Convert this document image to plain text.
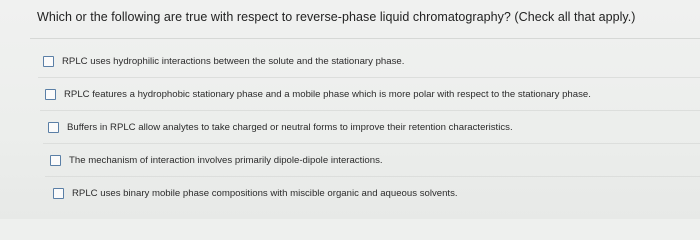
Which or the following are true with respect to reverse-phase liquid chromatography? (Check all that apply.)
RPLC uses hydrophilic interactions between the solute and the stationary phase.
RPLC features a hydrophobic stationary phase and a mobile phase which is more polar with respect to the stationary phase.
Buffers in RPLC allow analytes to take charged or neutral forms to improve their retention characteristics.
The mechanism of interaction involves primarily dipole-dipole interactions.
RPLC uses binary mobile phase compositions with miscible organic and aqueous solvents.
